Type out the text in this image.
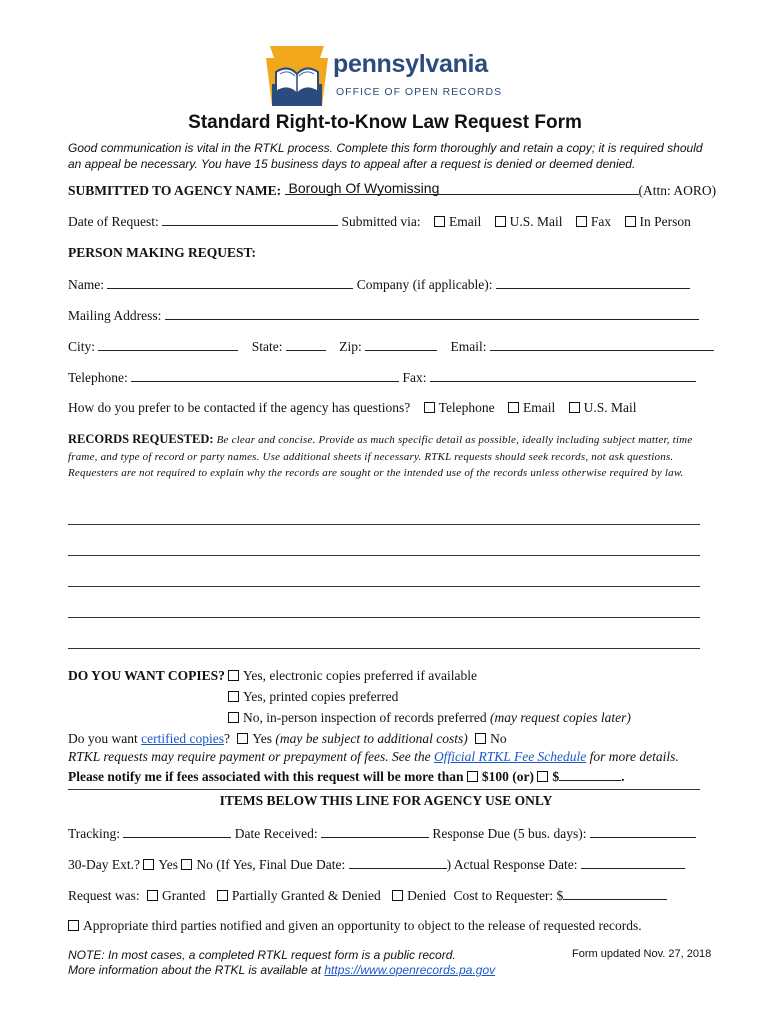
pennsylvania
OFFICE OF OPEN RECORDS
Standard Right-to-Know Law Request Form
Good communication is vital in the RTKL process. Complete this form thoroughly and retain a copy; it is required should an appeal be necessary. You have 15 business days to appeal after a request is denied or deemed denied.
SUBMITTED TO AGENCY NAME: Borough Of Wyomissing	(Attn: AORO)
Date of Request:	Submitted via: Email U.S. Mail Fax In Person
PERSON MAKING REQUEST:
Name:	Company (if applicable):
Mailing Address:
City:	State:	Zip:	Email:
Telephone:	Fax:
How do you prefer to be contacted if the agency has questions? Telephone Email U.S. Mail
RECORDS REQUESTED: Be clear and concise. Provide as much specific detail as possible, ideally including subject matter, time frame, and type of record or party names. Use additional sheets if necessary. RTKL requests should seek records, not ask questions. Requesters are not required to explain why the records are sought or the intended use of the records unless otherwise required by law.
DO YOU WANT COPIES?	Yes, electronic copies preferred if available
Yes, printed copies preferred
No, in-person inspection of records preferred (may request copies later)
Do you want certified copies? Yes (may be subject to additional costs) No
RTKL requests may require payment or prepayment of fees. See the Official RTKL Fee Schedule for more details.
Please notify me if fees associated with this request will be more than $100 (or) $	.
ITEMS BELOW THIS LINE FOR AGENCY USE ONLY
Tracking:	Date Received:	Response Due (5 bus. days):
30-Day Ext.? Yes No (If Yes, Final Due Date:	) Actual Response Date:
Request was: Granted Partially Granted & Denied Denied Cost to Requester: $
Appropriate third parties notified and given an opportunity to object to the release of requested records.
NOTE: In most cases, a completed RTKL request form is a public record.
More information about the RTKL is available at https://www.openrecords.pa.gov
Form updated Nov. 27, 2018
